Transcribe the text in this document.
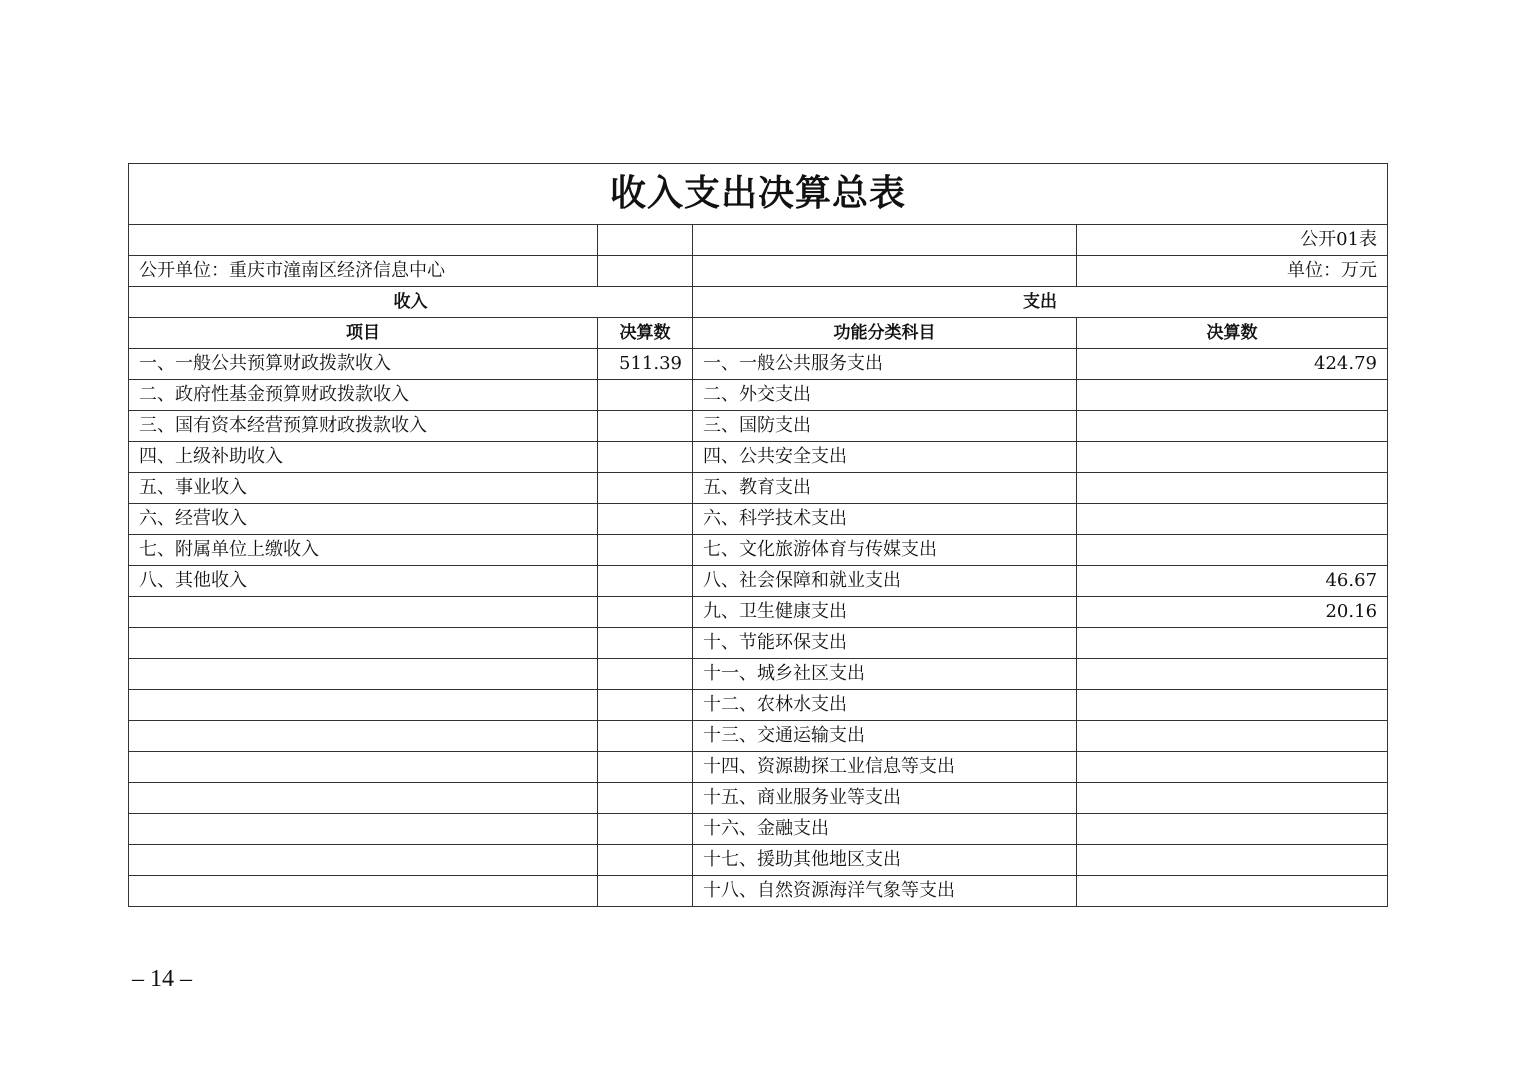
收入支出决算总表			
			公开01表
公开单位：重庆市潼南区经济信息中心			单位：万元
收入		支出	
项目	决算数	功能分类科目	决算数
一、一般公共预算财政拨款收入	511.39	一、一般公共服务支出	424.79
二、政府性基金预算财政拨款收入		二、外交支出	
三、国有资本经营预算财政拨款收入		三、国防支出	
四、上级补助收入		四、公共安全支出	
五、事业收入		五、教育支出	
六、经营收入		六、科学技术支出	
七、附属单位上缴收入		七、文化旅游体育与传媒支出	
八、其他收入		八、社会保障和就业支出	46.67
		九、卫生健康支出	20.16
		十、节能环保支出	
		十一、城乡社区支出	
		十二、农林水支出	
		十三、交通运输支出	
		十四、资源勘探工业信息等支出	
		十五、商业服务业等支出	
		十六、金融支出	
		十七、援助其他地区支出	
		十八、自然资源海洋气象等支出	
– 14 –
